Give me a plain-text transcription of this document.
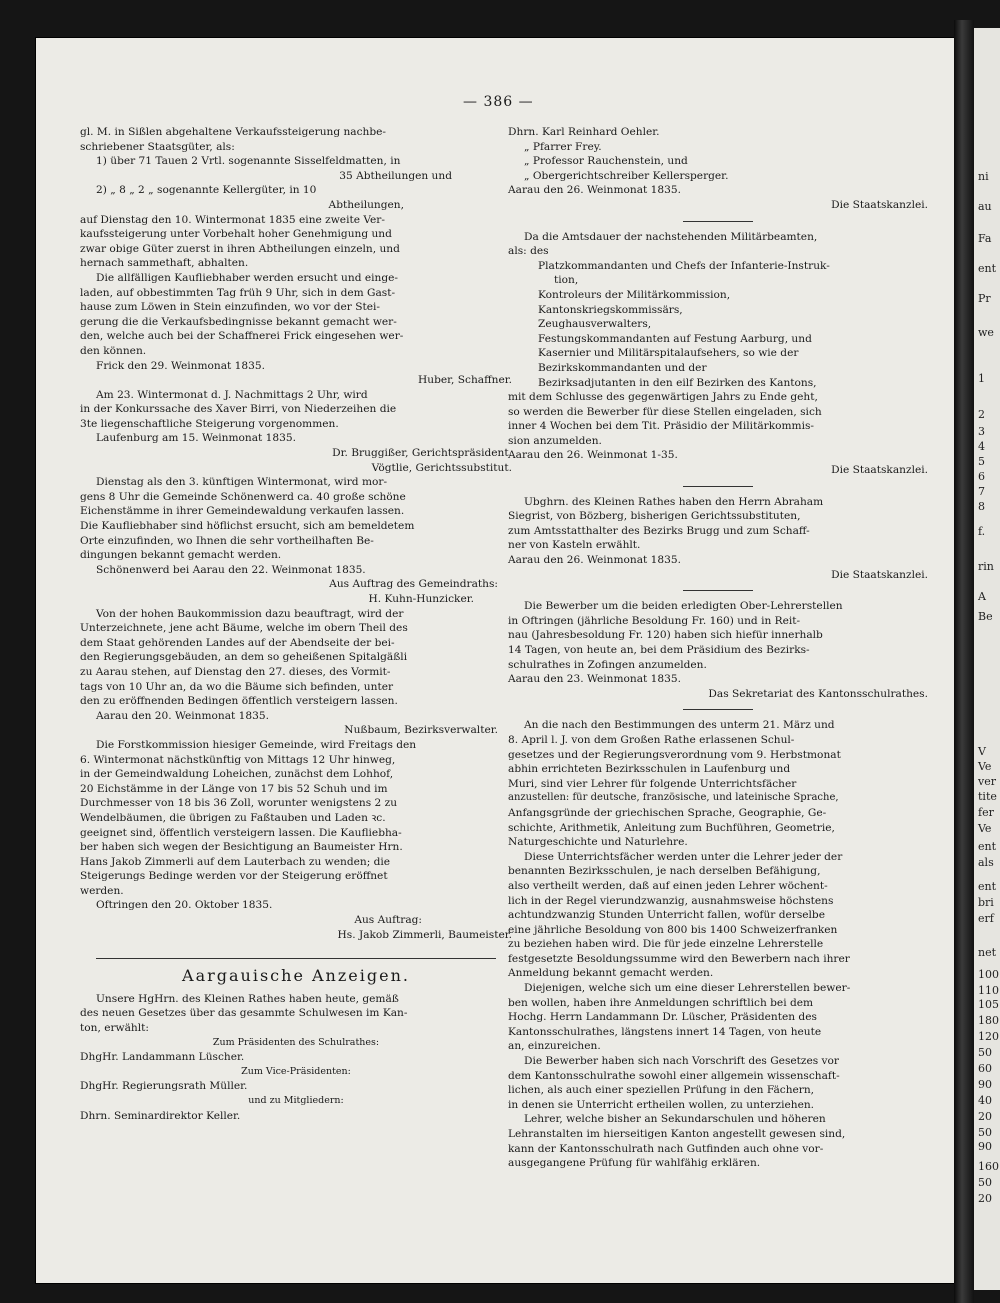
ni
au
Fa
ent
Pr
we
1
2
3
4
5
6
7
8
f.
rin
A
Be
V
Ve
ver
tite
fer
Ve
ent
als
ent
bri
erf
net
100
110
105
180
120
50
60
90
40
20
50
90
160
50
20
— 386 —

gl. M. in Sißlen abgehaltene Verkaufssteigerung nachbe-

schriebener Staatsgüter, als:

1) über 71 Tauen 2 Vrtl. sogenannte Sisselfeldmatten, in

35 Abtheilungen und

2) „ 8 „ 2 „ sogenannte Kellergüter, in 10

Abtheilungen,

auf Dienstag den 10. Wintermonat 1835 eine zweite Ver-

kaufssteigerung unter Vorbehalt hoher Genehmigung und

zwar obige Güter zuerst in ihren Abtheilungen einzeln, und

hernach sammethaft, abhalten.

Die allfälligen Kaufliebhaber werden ersucht und einge-

laden, auf obbestimmten Tag früh 9 Uhr, sich in dem Gast-

hause zum Löwen in Stein einzufinden, wo vor der Stei-

gerung die die Verkaufsbedingnisse bekannt gemacht wer-

den, welche auch bei der Schaffnerei Frick eingesehen wer-

den können.

Frick den 29. Weinmonat 1835.

Huber, Schaffner.

Am 23. Wintermonat d. J. Nachmittags 2 Uhr, wird

in der Konkurssache des Xaver Birri, von Niederzeihen die

3te liegenschaftliche Steigerung vorgenommen.

Laufenburg am 15. Weinmonat 1835.

Dr. Bruggißer, Gerichtspräsident.

Vögtlie, Gerichtssubstitut.

Dienstag als den 3. künftigen Wintermonat, wird mor-

gens 8 Uhr die Gemeinde Schönenwerd ca. 40 große schöne

Eichenstämme in ihrer Gemeindewaldung verkaufen lassen.

Die Kaufliebhaber sind höflichst ersucht, sich am bemeldetem

Orte einzufinden, wo Ihnen die sehr vortheilhaften Be-

dingungen bekannt gemacht werden.

Schönenwerd bei Aarau den 22. Weinmonat 1835.

Aus Auftrag des Gemeindraths:

H. Kuhn-Hunzicker.

Von der hohen Baukommission dazu beauftragt, wird der

Unterzeichnete, jene acht Bäume, welche im obern Theil des

dem Staat gehörenden Landes auf der Abendseite der bei-

den Regierungsgebäuden, an dem so geheißenen Spitalgäßli

zu Aarau stehen, auf Dienstag den 27. dieses, des Vormit-

tags von 10 Uhr an, da wo die Bäume sich befinden, unter

den zu eröffnenden Bedingen öffentlich versteigern lassen.

Aarau den 20. Weinmonat 1835.

Nußbaum, Bezirksverwalter.

Die Forstkommission hiesiger Gemeinde, wird Freitags den

6. Wintermonat nächstkünftig von Mittags 12 Uhr hinweg,

in der Gemeindwaldung Loheichen, zunächst dem Lohhof,

20 Eichstämme in der Länge von 17 bis 52 Schuh und im

Durchmesser von 18 bis 36 Zoll, worunter wenigstens 2 zu

Wendelbäumen, die übrigen zu Faßtauben und Laden ꝛc.

geeignet sind, öffentlich versteigern lassen. Die Kaufliebha-

ber haben sich wegen der Besichtigung an Baumeister Hrn.

Hans Jakob Zimmerli auf dem Lauterbach zu wenden; die

Steigerungs Bedinge werden vor der Steigerung eröffnet

werden.

Oftringen den 20. Oktober 1835.

Aus Auftrag:

Hs. Jakob Zimmerli, Baumeister.

Aargauische Anzeigen.

Unsere HgHrn. des Kleinen Rathes haben heute, gemäß

des neuen Gesetzes über das gesammte Schulwesen im Kan-

ton, erwählt:

Zum Präsidenten des Schulrathes:

DhgHr. Landammann Lüscher.

Zum Vice-Präsidenten:

DhgHr. Regierungsrath Müller.

und zu Mitgliedern:

Dhrn. Seminardirektor Keller.

Dhrn. Karl Reinhard Oehler.

„ Pfarrer Frey.

„ Professor Rauchenstein, und

„ Obergerichtschreiber Kellersperger.

Aarau den 26. Weinmonat 1835.

Die Staatskanzlei.

Da die Amtsdauer der nachstehenden Militärbeamten,

als: des

Platzkommandanten und Chefs der Infanterie-Instruk-

tion,

Kontroleurs der Militärkommission,

Kantonskriegskommissärs,

Zeughausverwalters,

Festungskommandanten auf Festung Aarburg, und

Kasernier und Militärspitalaufsehers, so wie der

Bezirkskommandanten und der

Bezirksadjutanten in den eilf Bezirken des Kantons,

mit dem Schlusse des gegenwärtigen Jahrs zu Ende geht,

so werden die Bewerber für diese Stellen eingeladen, sich

inner 4 Wochen bei dem Tit. Präsidio der Militärkommis-

sion anzumelden.

Aarau den 26. Weinmonat 1-35.

Die Staatskanzlei.

Ubghrn. des Kleinen Rathes haben den Herrn Abraham

Siegrist, von Bözberg, bisherigen Gerichtssubstituten,

zum Amtsstatthalter des Bezirks Brugg und zum Schaff-

ner von Kasteln erwählt.

Aarau den 26. Weinmonat 1835.

Die Staatskanzlei.

Die Bewerber um die beiden erledigten Ober-Lehrerstellen

in Oftringen (jährliche Besoldung Fr. 160) und in Reit-

nau (Jahresbesoldung Fr. 120) haben sich hiefür innerhalb

14 Tagen, von heute an, bei dem Präsidium des Bezirks-

schulrathes in Zofingen anzumelden.

Aarau den 23. Weinmonat 1835.

Das Sekretariat des Kantonsschulrathes.

An die nach den Bestimmungen des unterm 21. März und

8. April l. J. von dem Großen Rathe erlassenen Schul-

gesetzes und der Regierungsverordnung vom 9. Herbstmonat

abhin errichteten Bezirksschulen in Laufenburg und

Muri, sind vier Lehrer für folgende Unterrichtsfächer

anzustellen: für deutsche, französische, und lateinische Sprache,

Anfangsgründe der griechischen Sprache, Geographie, Ge-

schichte, Arithmetik, Anleitung zum Buchführen, Geometrie,

Naturgeschichte und Naturlehre.

Diese Unterrichtsfächer werden unter die Lehrer jeder der

benannten Bezirksschulen, je nach derselben Befähigung,

also vertheilt werden, daß auf einen jeden Lehrer wöchent-

lich in der Regel vierundzwanzig, ausnahmsweise höchstens

achtundzwanzig Stunden Unterricht fallen, wofür derselbe

eine jährliche Besoldung von 800 bis 1400 Schweizerfranken

zu beziehen haben wird. Die für jede einzelne Lehrerstelle

festgesetzte Besoldungssumme wird den Bewerbern nach ihrer

Anmeldung bekannt gemacht werden.

Diejenigen, welche sich um eine dieser Lehrerstellen bewer-

ben wollen, haben ihre Anmeldungen schriftlich bei dem

Hochg. Herrn Landammann Dr. Lüscher, Präsidenten des

Kantonsschulrathes, längstens innert 14 Tagen, von heute

an, einzureichen.

Die Bewerber haben sich nach Vorschrift des Gesetzes vor

dem Kantonsschulrathe sowohl einer allgemein wissenschaft-

lichen, als auch einer speziellen Prüfung in den Fächern,

in denen sie Unterricht ertheilen wollen, zu unterziehen.

Lehrer, welche bisher an Sekundarschulen und höheren

Lehranstalten im hierseitigen Kanton angestellt gewesen sind,

kann der Kantonsschulrath nach Gutfinden auch ohne vor-

ausgegangene Prüfung für wahlfähig erklären.
